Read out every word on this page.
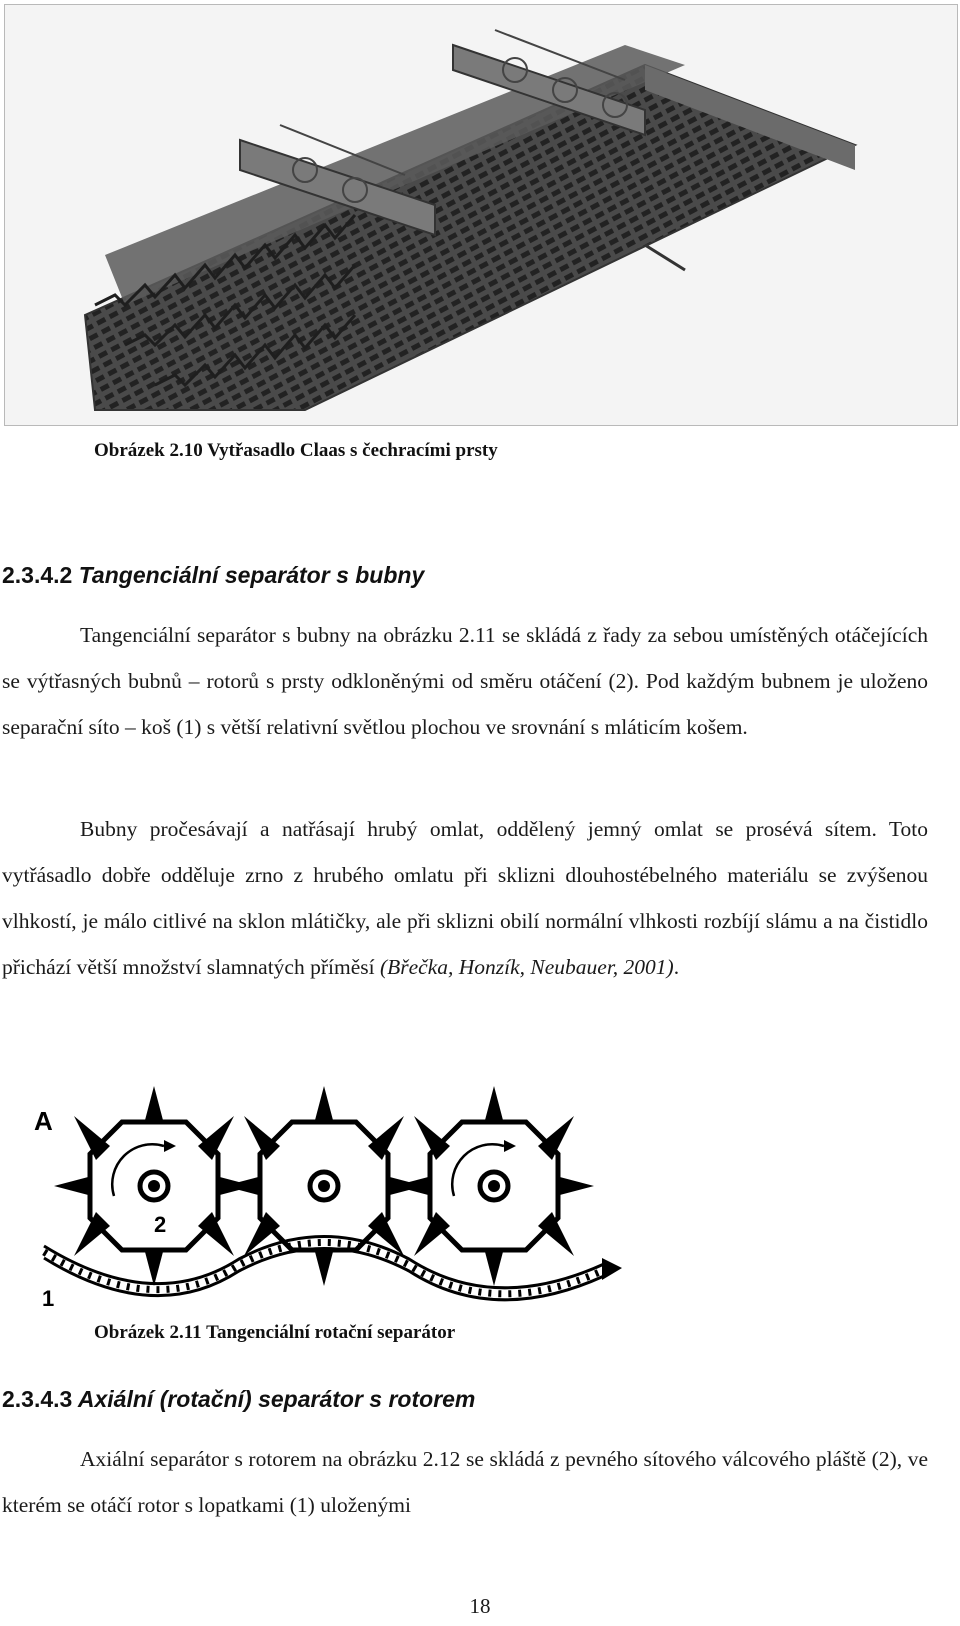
Obrázek 2.10 Vytřasadlo Claas s čechracími prsty
2.3.4.2 Tangenciální separátor s bubny

Tangenciální separátor s bubny na obrázku 2.11 se skládá z řady za sebou umístěných otáčejících se výtřasných bubnů – rotorů s prsty odkloněnými od směru otáčení (2). Pod každým bubnem je uloženo separační síto – koš (1) s větší relativní světlou plochou ve srovnání s mláticím košem.

Bubny pročesávají a natřásají hrubý omlat, oddělený jemný omlat se prosévá sítem. Toto vytřásadlo dobře odděluje zrno z hrubého omlatu při sklizni dlouhostébelného materiálu se zvýšenou vlhkostí, je málo citlivé na sklon mlátičky, ale při sklizni obilí normální vlhkosti rozbíjí slámu a na čistidlo přichází větší množství slamnatých příměsí (Břečka, Honzík, Neubauer, 2001).

A
1
2
Obrázek 2.11 Tangenciální rotační separátor
2.3.4.3 Axiální (rotační) separátor s rotorem

Axiální separátor s rotorem na obrázku 2.12 se skládá z pevného sítového válcového pláště (2), ve kterém se otáčí rotor s lopatkami (1) uloženými

18
